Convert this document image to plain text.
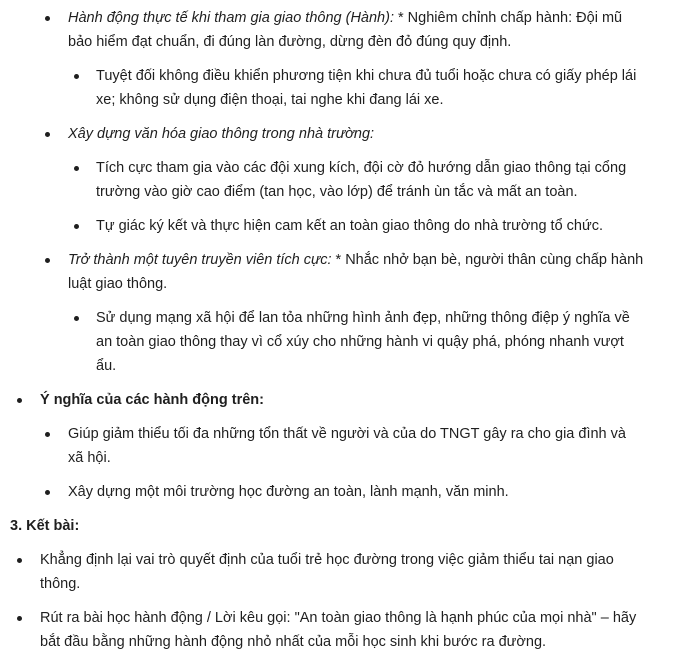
Hành động thực tế khi tham gia giao thông (Hành): * Nghiêm chỉnh chấp hành: Đội mũ bảo hiểm đạt chuẩn, đi đúng làn đường, dừng đèn đỏ đúng quy định.
Tuyệt đối không điều khiển phương tiện khi chưa đủ tuổi hoặc chưa có giấy phép lái xe; không sử dụng điện thoại, tai nghe khi đang lái xe.
Xây dựng văn hóa giao thông trong nhà trường:
Tích cực tham gia vào các đội xung kích, đội cờ đỏ hướng dẫn giao thông tại cổng trường vào giờ cao điểm (tan học, vào lớp) để tránh ùn tắc và mất an toàn.
Tự giác ký kết và thực hiện cam kết an toàn giao thông do nhà trường tổ chức.
Trở thành một tuyên truyền viên tích cực: * Nhắc nhở bạn bè, người thân cùng chấp hành luật giao thông.
Sử dụng mạng xã hội để lan tỏa những hình ảnh đẹp, những thông điệp ý nghĩa về an toàn giao thông thay vì cổ xúy cho những hành vi quậy phá, phóng nhanh vượt ẩu.
Ý nghĩa của các hành động trên:
Giúp giảm thiểu tối đa những tổn thất về người và của do TNGT gây ra cho gia đình và xã hội.
Xây dựng một môi trường học đường an toàn, lành mạnh, văn minh.
3. Kết bài:
Khẳng định lại vai trò quyết định của tuổi trẻ học đường trong việc giảm thiểu tai nạn giao thông.
Rút ra bài học hành động / Lời kêu gọi: "An toàn giao thông là hạnh phúc của mọi nhà" – hãy bắt đầu bằng những hành động nhỏ nhất của mỗi học sinh khi bước ra đường.
